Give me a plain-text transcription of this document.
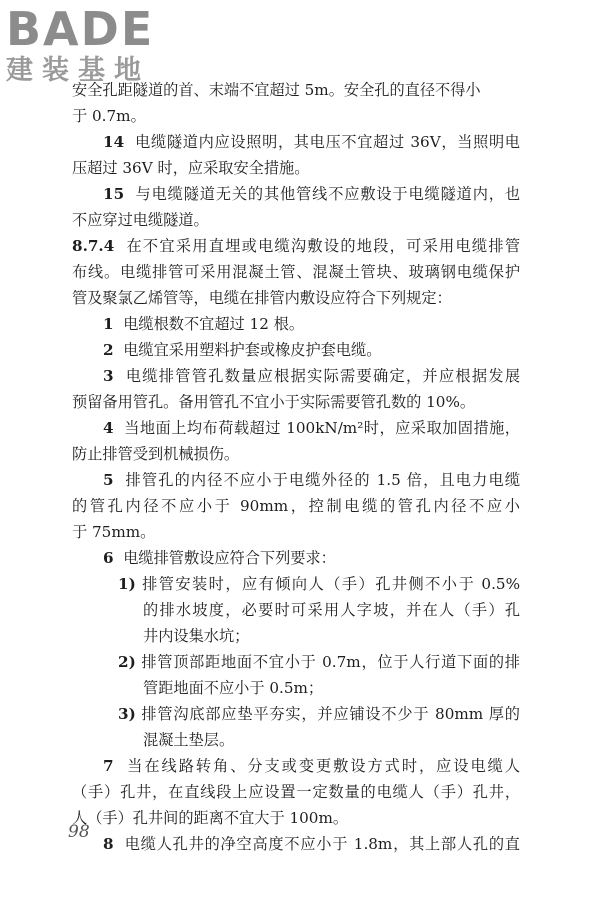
BADE
建装基地
安全孔距隧道的首、末端不宜超过 5m。安全孔的直径不得小
于 0.7m。
14 电缆隧道内应设照明，其电压不宜超过 36V，当照明电
压超过 36V 时，应采取安全措施。
15 与电缆隧道无关的其他管线不应敷设于电缆隧道内，也
不应穿过电缆隧道。
8.7.4 在不宜采用直埋或电缆沟敷设的地段，可采用电缆排管
布线。电缆排管可采用混凝土管、混凝土管块、玻璃钢电缆保护
管及聚氯乙烯管等，电缆在排管内敷设应符合下列规定：
1 电缆根数不宜超过 12 根。
2 电缆宜采用塑料护套或橡皮护套电缆。
3 电缆排管管孔数量应根据实际需要确定，并应根据发展
预留备用管孔。备用管孔不宜小于实际需要管孔数的 10%。
4 当地面上均布荷载超过 100kN/m²时，应采取加固措施，
防止排管受到机械损伤。
5 排管孔的内径不应小于电缆外径的 1.5 倍，且电力电缆
的管孔内径不应小于 90mm，控制电缆的管孔内径不应小
于 75mm。
6 电缆排管敷设应符合下列要求：
1) 排管安装时，应有倾向人（手）孔井侧不小于 0.5%
的排水坡度，必要时可采用人字坡，并在人（手）孔
井内设集水坑；
2) 排管顶部距地面不宜小于 0.7m，位于人行道下面的排
管距地面不应小于 0.5m；
3) 排管沟底部应垫平夯实，并应铺设不少于 80mm 厚的
混凝土垫层。
7 当在线路转角、分支或变更敷设方式时，应设电缆人
（手）孔井，在直线段上应设置一定数量的电缆人（手）孔井，
人（手）孔井间的距离不宜大于 100m。
8 电缆人孔井的净空高度不应小于 1.8m，其上部人孔的直
98
